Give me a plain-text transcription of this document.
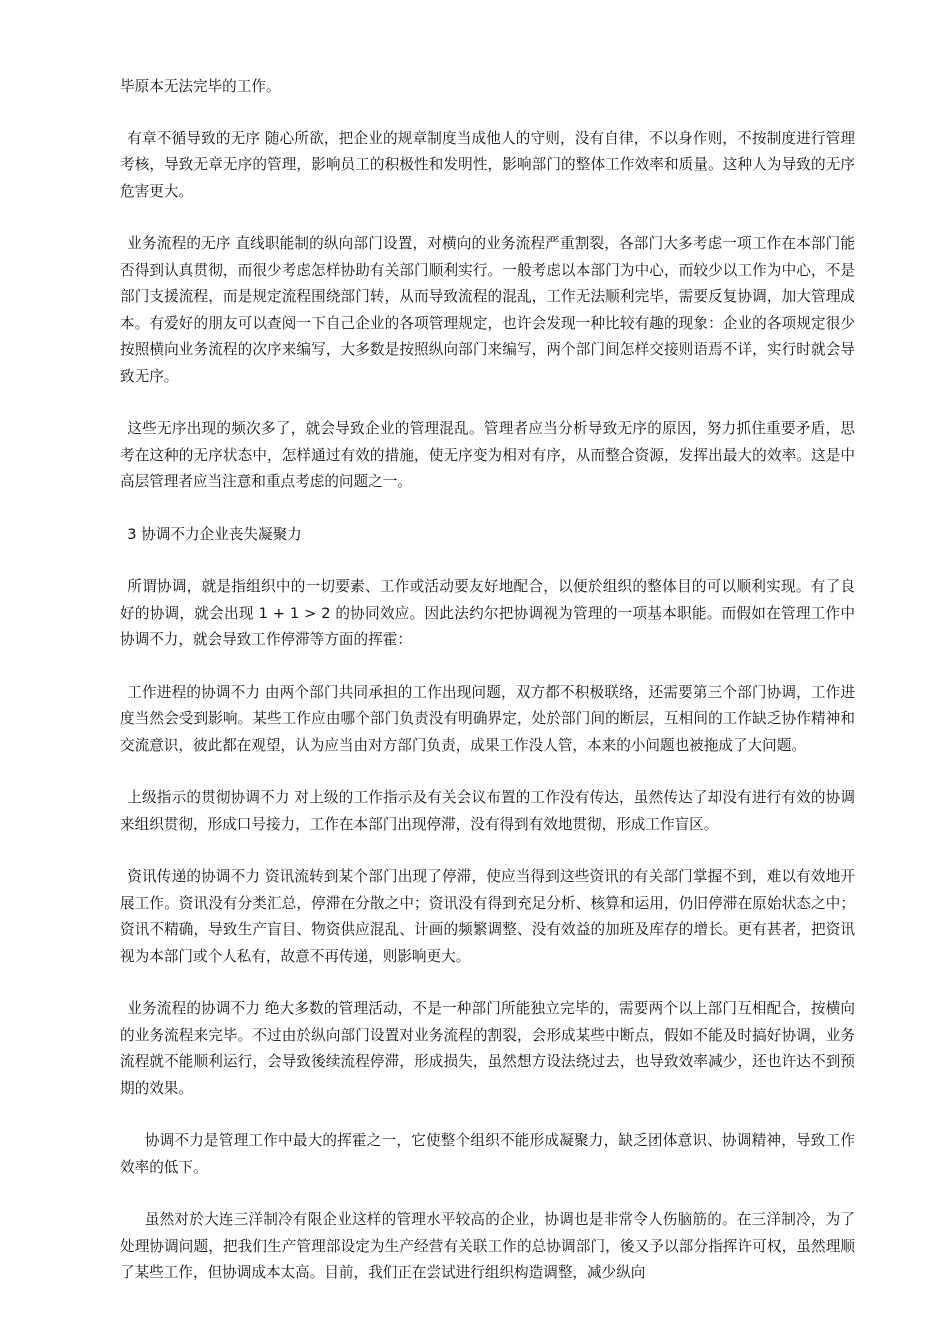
毕原本无法完毕的工作。

有章不循导致的无序 随心所欲，把企业的规章制度当成他人的守则，没有自律，不以身作则，不按制度进行管理考核，导致无章无序的管理，影响员工的积极性和发明性，影响部门的整体工作效率和质量。这种人为导致的无序危害更大。

业务流程的无序 直线职能制的纵向部门设置，对横向的业务流程严重割裂，各部门大多考虑一项工作在本部门能否得到认真贯彻，而很少考虑怎样协助有关部门顺利实行。一般考虑以本部门为中心，而较少以工作为中心，不是部门支援流程，而是规定流程围绕部门转，从而导致流程的混乱，工作无法顺利完毕，需要反复协调，加大管理成本。有爱好的朋友可以查阅一下自己企业的各项管理规定，也许会发现一种比较有趣的现象：企业的各项规定很少按照横向业务流程的次序来编写，大多数是按照纵向部门来编写，两个部门间怎样交接则语焉不详，实行时就会导致无序。

这些无序出现的频次多了，就会导致企业的管理混乱。管理者应当分析导致无序的原因，努力抓住重要矛盾，思考在这种的无序状态中，怎样通过有效的措施，使无序变为相对有序，从而整合资源，发挥出最大的效率。这是中高层管理者应当注意和重点考虑的问题之一。

3 协调不力企业丧失凝聚力

所谓协调，就是指组织中的一切要素、工作或活动要友好地配合，以便於组织的整体目的可以顺利实现。有了良好的协调，就会出现 1 + 1 > 2 的协同效应。因此法约尔把协调视为管理的一项基本职能。而假如在管理工作中协调不力，就会导致工作停滞等方面的挥霍：

工作进程的协调不力 由两个部门共同承担的工作出现问题，双方都不积极联络，还需要第三个部门协调，工作进度当然会受到影响。某些工作应由哪个部门负责没有明确界定，处於部门间的断层，互相间的工作缺乏协作精神和交流意识，彼此都在观望，认为应当由对方部门负责，成果工作没人管，本来的小问题也被拖成了大问题。

上级指示的贯彻协调不力 对上级的工作指示及有关会议布置的工作没有传达，虽然传达了却没有进行有效的协调来组织贯彻，形成口号接力，工作在本部门出现停滞，没有得到有效地贯彻，形成工作盲区。

资讯传递的协调不力 资讯流转到某个部门出现了停滞，使应当得到这些资讯的有关部门掌握不到，难以有效地开展工作。资讯没有分类汇总，停滞在分散之中；资讯没有得到充足分析、核算和运用，仍旧停滞在原始状态之中；资讯不精确，导致生产盲目、物资供应混乱、计画的频繁调整、没有效益的加班及库存的增长。更有甚者，把资讯视为本部门或个人私有，故意不再传递，则影响更大。

业务流程的协调不力 绝大多数的管理活动，不是一种部门所能独立完毕的，需要两个以上部门互相配合，按横向的业务流程来完毕。不过由於纵向部门设置对业务流程的割裂，会形成某些中断点，假如不能及时搞好协调，业务流程就不能顺利运行，会导致後续流程停滞，形成损失，虽然想方设法绕过去，也导致效率减少，还也许达不到预期的效果。

协调不力是管理工作中最大的挥霍之一，它使整个组织不能形成凝聚力，缺乏团体意识、协调精神，导致工作效率的低下。

虽然对於大连三洋制冷有限企业这样的管理水平较高的企业，协调也是非常令人伤脑筋的。在三洋制冷，为了处理协调问题，把我们生产管理部设定为生产经营有关联工作的总协调部门，後又予以部分指挥许可权，虽然理顺了某些工作，但协调成本太高。目前，我们正在尝试进行组织构造调整，减少纵向
